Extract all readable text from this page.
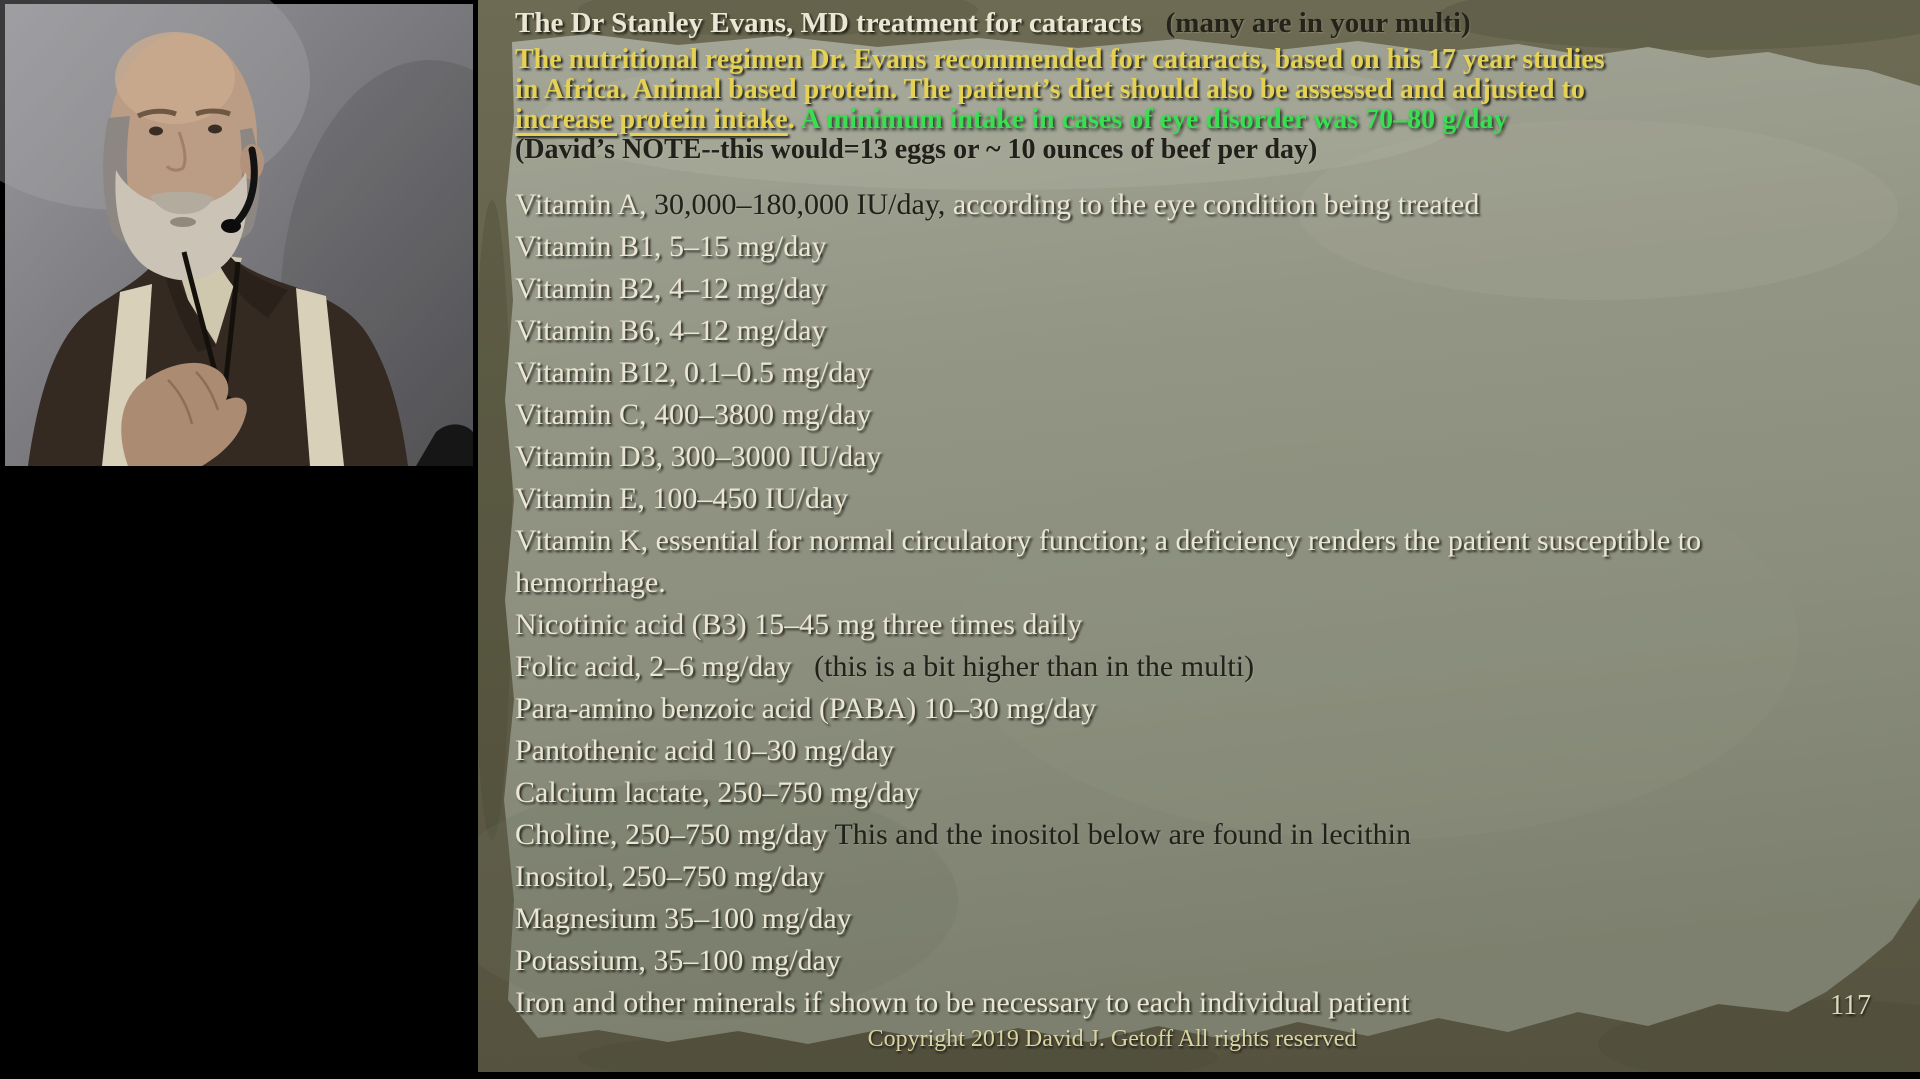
The Dr Stanley Evans, MD treatment for cataracts (many are in your multi)
The nutritional regimen Dr. Evans recommended for cataracts, based on his 17 year studies
in Africa. Animal based protein. The patient’s diet should also be assessed and adjusted to
increase protein intake. A minimum intake in cases of eye disorder was 70–80 g/day
(David’s NOTE--this would=13 eggs or ~ 10 ounces of beef per day)
Vitamin A, 30,000–180,000 IU/day, according to the eye condition being treated
Vitamin B1, 5–15 mg/day
Vitamin B2, 4–12 mg/day
Vitamin B6, 4–12 mg/day
Vitamin B12, 0.1–0.5 mg/day
Vitamin C, 400–3800 mg/day
Vitamin D3, 300–3000 IU/day
Vitamin E, 100–450 IU/day
Vitamin K, essential for normal circulatory function; a deficiency renders the patient susceptible to
hemorrhage.
Nicotinic acid (B3) 15–45 mg three times daily
Folic acid, 2–6 mg/day   (this is a bit higher than in the multi)
Para-amino benzoic acid (PABA) 10–30 mg/day
Pantothenic acid 10–30 mg/day
Calcium lactate, 250–750 mg/day
Choline, 250–750 mg/day This and the inositol below are found in lecithin
Inositol, 250–750 mg/day
Magnesium 35–100 mg/day
Potassium, 35–100 mg/day
Iron and other minerals if shown to be necessary to each individual patient
Copyright 2019 David J. Getoff All rights reserved
117
